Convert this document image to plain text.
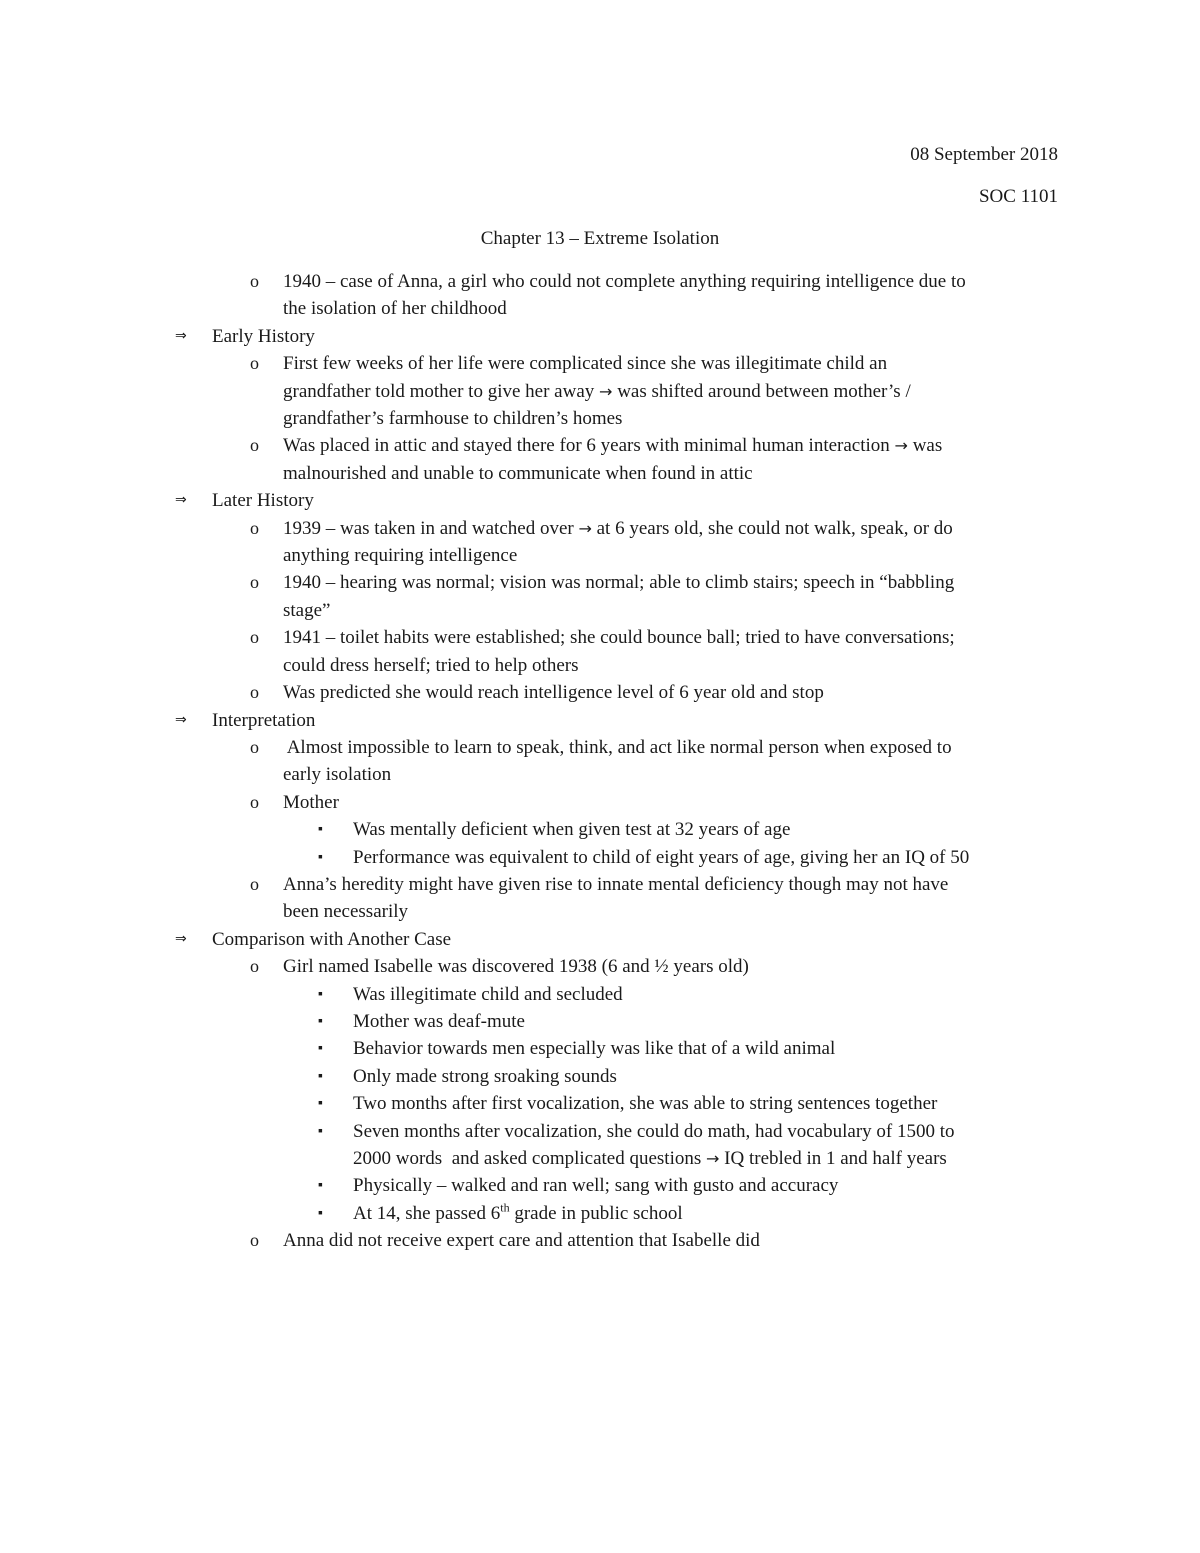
08 September 2018
SOC 1101
Chapter 13 – Extreme Isolation
o	1940 – case of Anna, a girl who could not complete anything requiring intelligence due to
the isolation of her childhood
⇒	Early History
o	First few weeks of her life were complicated since she was illegitimate child an
grandfather told mother to give her away → was shifted around between mother’s /
grandfather’s farmhouse to children’s homes
o	Was placed in attic and stayed there for 6 years with minimal human interaction → was
malnourished and unable to communicate when found in attic
⇒	Later History
o	1939 – was taken in and watched over → at 6 years old, she could not walk, speak, or do
anything requiring intelligence
o	1940 – hearing was normal; vision was normal; able to climb stairs; speech in “babbling
stage”
o	1941 – toilet habits were established; she could bounce ball; tried to have conversations;
could dress herself; tried to help others
o	Was predicted she would reach intelligence level of 6 year old and stop
⇒	Interpretation
o	Almost impossible to learn to speak, think, and act like normal person when exposed to
early isolation
o	Mother
▪	Was mentally deficient when given test at 32 years of age
▪	Performance was equivalent to child of eight years of age, giving her an IQ of 50
o	Anna’s heredity might have given rise to innate mental deficiency though may not have
been necessarily
⇒	Comparison with Another Case
o	Girl named Isabelle was discovered 1938 (6 and ½ years old)
▪	Was illegitimate child and secluded
▪	Mother was deaf-mute
▪	Behavior towards men especially was like that of a wild animal
▪	Only made strong sroaking sounds
▪	Two months after first vocalization, she was able to string sentences together
▪	Seven months after vocalization, she could do math, had vocabulary of 1500 to
2000 words  and asked complicated questions → IQ trebled in 1 and half years
▪	Physically – walked and ran well; sang with gusto and accuracy
▪	At 14, she passed 6th grade in public school
o	Anna did not receive expert care and attention that Isabelle did
